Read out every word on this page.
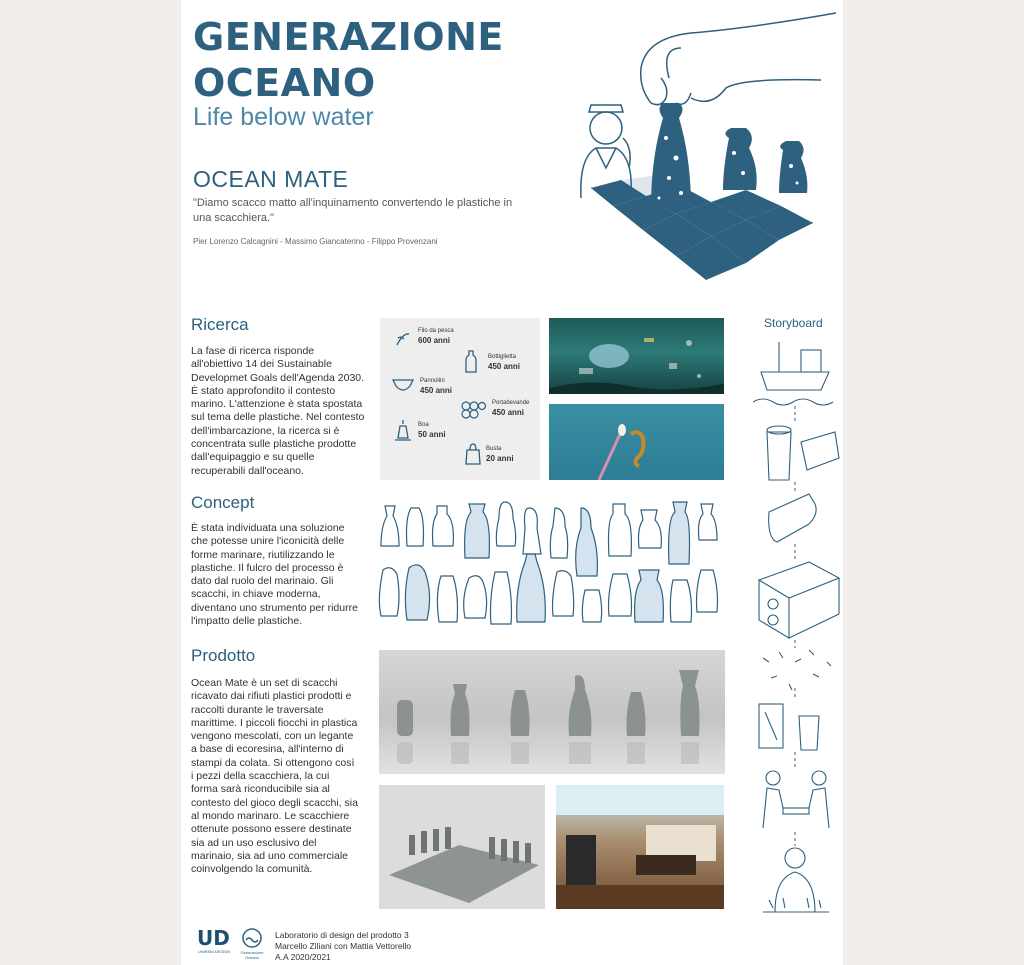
GENERAZIONE
OCEANO
Life below water
OCEAN MATE
"Diamo scacco matto all'inquinamento convertendo le plastiche in una scacchiera."
Pier Lorenzo Calcagnini - Massimo Giancaterino - Filippo Provenzani
Ricerca
La fase di ricerca risponde all'obiettivo 14 dei Sustainable Developmet Goals dell'Agenda 2030. È stato approfondito il contesto marino. L'attenzione è stata spostata sul tema delle plastiche. Nel contesto dell'imbarcazione, la ricerca si è concentrata sulle plastiche prodotte dall'equipaggio e su quelle recuperabili dall'oceano.
Filo da pesca
600 anni
Bottiglietta
450 anni
Pannolini
450 anni
Portabevande
450 anni
Boa
50 anni
Busta
20 anni
Concept
È stata individuata una soluzione che potesse unire l'iconicità delle forme marinare, riutilizzando le plastiche. Il fulcro del processo è dato dal ruolo del marinaio. Gli scacchi, in chiave moderna, diventano uno strumento per ridurre l'impatto delle plastiche.
Prodotto
Ocean Mate è un set di scacchi ricavato dai rifiuti plastici prodotti e raccolti durante le traversate marittime. I piccoli fiocchi in plastica vengono mescolati, con un legante a base di ecoresina, all'interno di stampi da colata. Si ottengono così i pezzi della scacchiera, la cui forma sarà riconducibile sia al contesto del gioco degli scacchi, sia al mondo marinaro. Le scacchiere ottenute possono essere destinate sia ad un uso esclusivo del marinaio, sia ad uno commerciale coinvolgendo la comunità.
Storyboard
UD
UNIRSM DESIGN	Generazione Oceano
Laboratorio di design del prodotto 3
Marcello Ziliani con Mattia Vettorello
A.A 2020/2021
